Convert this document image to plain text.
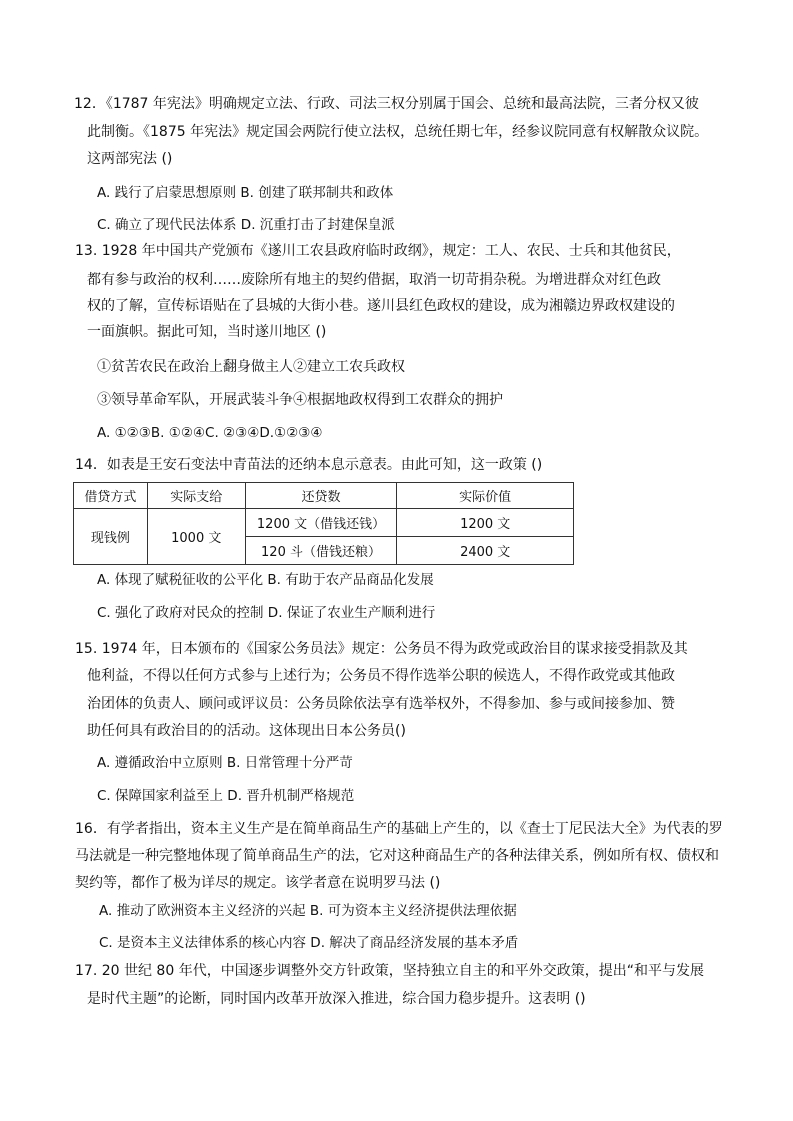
12．《1787 年宪法》明确规定立法、行政、司法三权分别属于国会、总统和最高法院，三者分权又彼
此制衡。《1875 年宪法》规定国会两院行使立法权，总统任期七年，经参议院同意有权解散众议院。
这两部宪法 ()
A. 践行了启蒙思想原则 B. 创建了联邦制共和政体
C. 确立了现代民法体系 D. 沉重打击了封建保皇派
13. 1928 年中国共产党颁布《遂川工农县政府临时政纲》，规定：工人、农民、士兵和其他贫民，
都有参与政治的权利……废除所有地主的契约借据，取消一切苛捐杂税。为增进群众对红色政
权的了解，宣传标语贴在了县城的大街小巷。遂川县红色政权的建设，成为湘赣边界政权建设的
一面旗帜。据此可知，当时遂川地区 ()
①贫苦农民在政治上翻身做主人②建立工农兵政权
③领导革命军队，开展武装斗争④根据地政权得到工农群众的拥护
A. ①②③B. ①②④C. ②③④D.①②③④
14．如表是王安石变法中青苗法的还纳本息示意表。由此可知，这一政策 ()
借贷方式	实际支给	还贷数	实际价值
现钱例	1000 文	1200 文（借钱还钱）	1200 文
		120 斗（借钱还粮）	2400 文
A. 体现了赋税征收的公平化 B. 有助于农产品商品化发展
C. 强化了政府对民众的控制 D. 保证了农业生产顺利进行
15. 1974 年，日本颁布的《国家公务员法》规定：公务员不得为政党或政治目的谋求接受捐款及其
他利益，不得以任何方式参与上述行为；公务员不得作选举公职的候选人，不得作政党或其他政
治团体的负责人、顾问或评议员：公务员除依法享有选举权外，不得参加、参与或间接参加、赞
助任何具有政治目的的活动。这体现出日本公务员()
A. 遵循政治中立原则 B. 日常管理十分严苛
C. 保障国家利益至上 D. 晋升机制严格规范
16．有学者指出，资本主义生产是在简单商品生产的基础上产生的，以《查士丁尼民法大全》为代表的罗
马法就是一种完整地体现了简单商品生产的法，它对这种商品生产的各种法律关系，例如所有权、债权和
契约等，都作了极为详尽的规定。该学者意在说明罗马法 ()
A. 推动了欧洲资本主义经济的兴起 B. 可为资本主义经济提供法理依据
C. 是资本主义法律体系的核心内容 D. 解决了商品经济发展的基本矛盾
17. 20 世纪 80 年代，中国逐步调整外交方针政策，坚持独立自主的和平外交政策，提出“和平与发展
是时代主题”的论断，同时国内改革开放深入推进，综合国力稳步提升。这表明 ()
